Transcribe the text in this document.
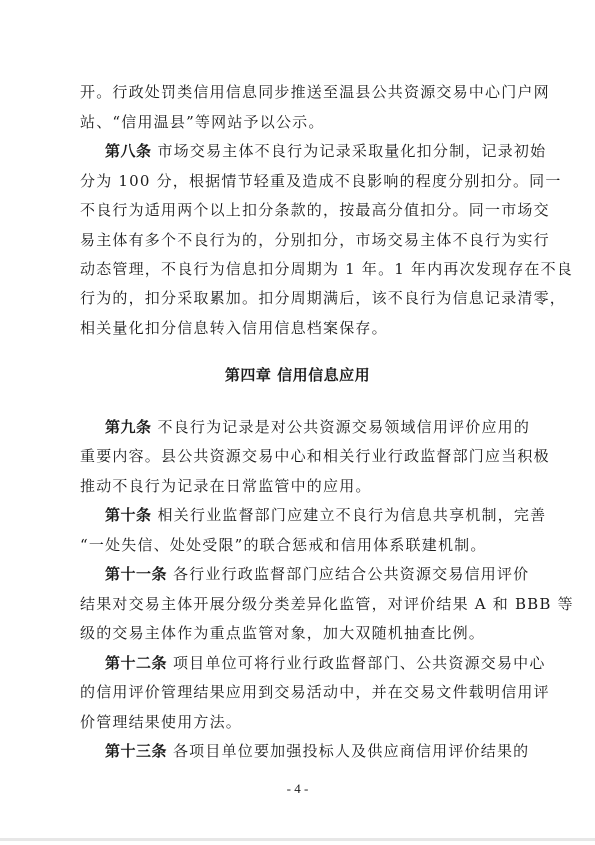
开。行政处罚类信用信息同步推送至温县公共资源交易中心门户网
站、“信用温县”等网站予以公示。
第八条 市场交易主体不良行为记录采取量化扣分制，记录初始
分为 100 分，根据情节轻重及造成不良影响的程度分别扣分。同一
不良行为适用两个以上扣分条款的，按最高分值扣分。同一市场交
易主体有多个不良行为的，分别扣分，市场交易主体不良行为实行
动态管理，不良行为信息扣分周期为 1 年。1 年内再次发现存在不良
行为的，扣分采取累加。扣分周期满后，该不良行为信息记录清零，
相关量化扣分信息转入信用信息档案保存。
第四章 信用信息应用
第九条 不良行为记录是对公共资源交易领域信用评价应用的
重要内容。县公共资源交易中心和相关行业行政监督部门应当积极
推动不良行为记录在日常监管中的应用。
第十条 相关行业监督部门应建立不良行为信息共享机制，完善
“一处失信、处处受限”的联合惩戒和信用体系联建机制。
第十一条 各行业行政监督部门应结合公共资源交易信用评价
结果对交易主体开展分级分类差异化监管，对评价结果 A 和 BBB 等
级的交易主体作为重点监管对象，加大双随机抽查比例。
第十二条 项目单位可将行业行政监督部门、公共资源交易中心
的信用评价管理结果应用到交易活动中，并在交易文件载明信用评
价管理结果使用方法。
第十三条 各项目单位要加强投标人及供应商信用评价结果的
- 4 -
